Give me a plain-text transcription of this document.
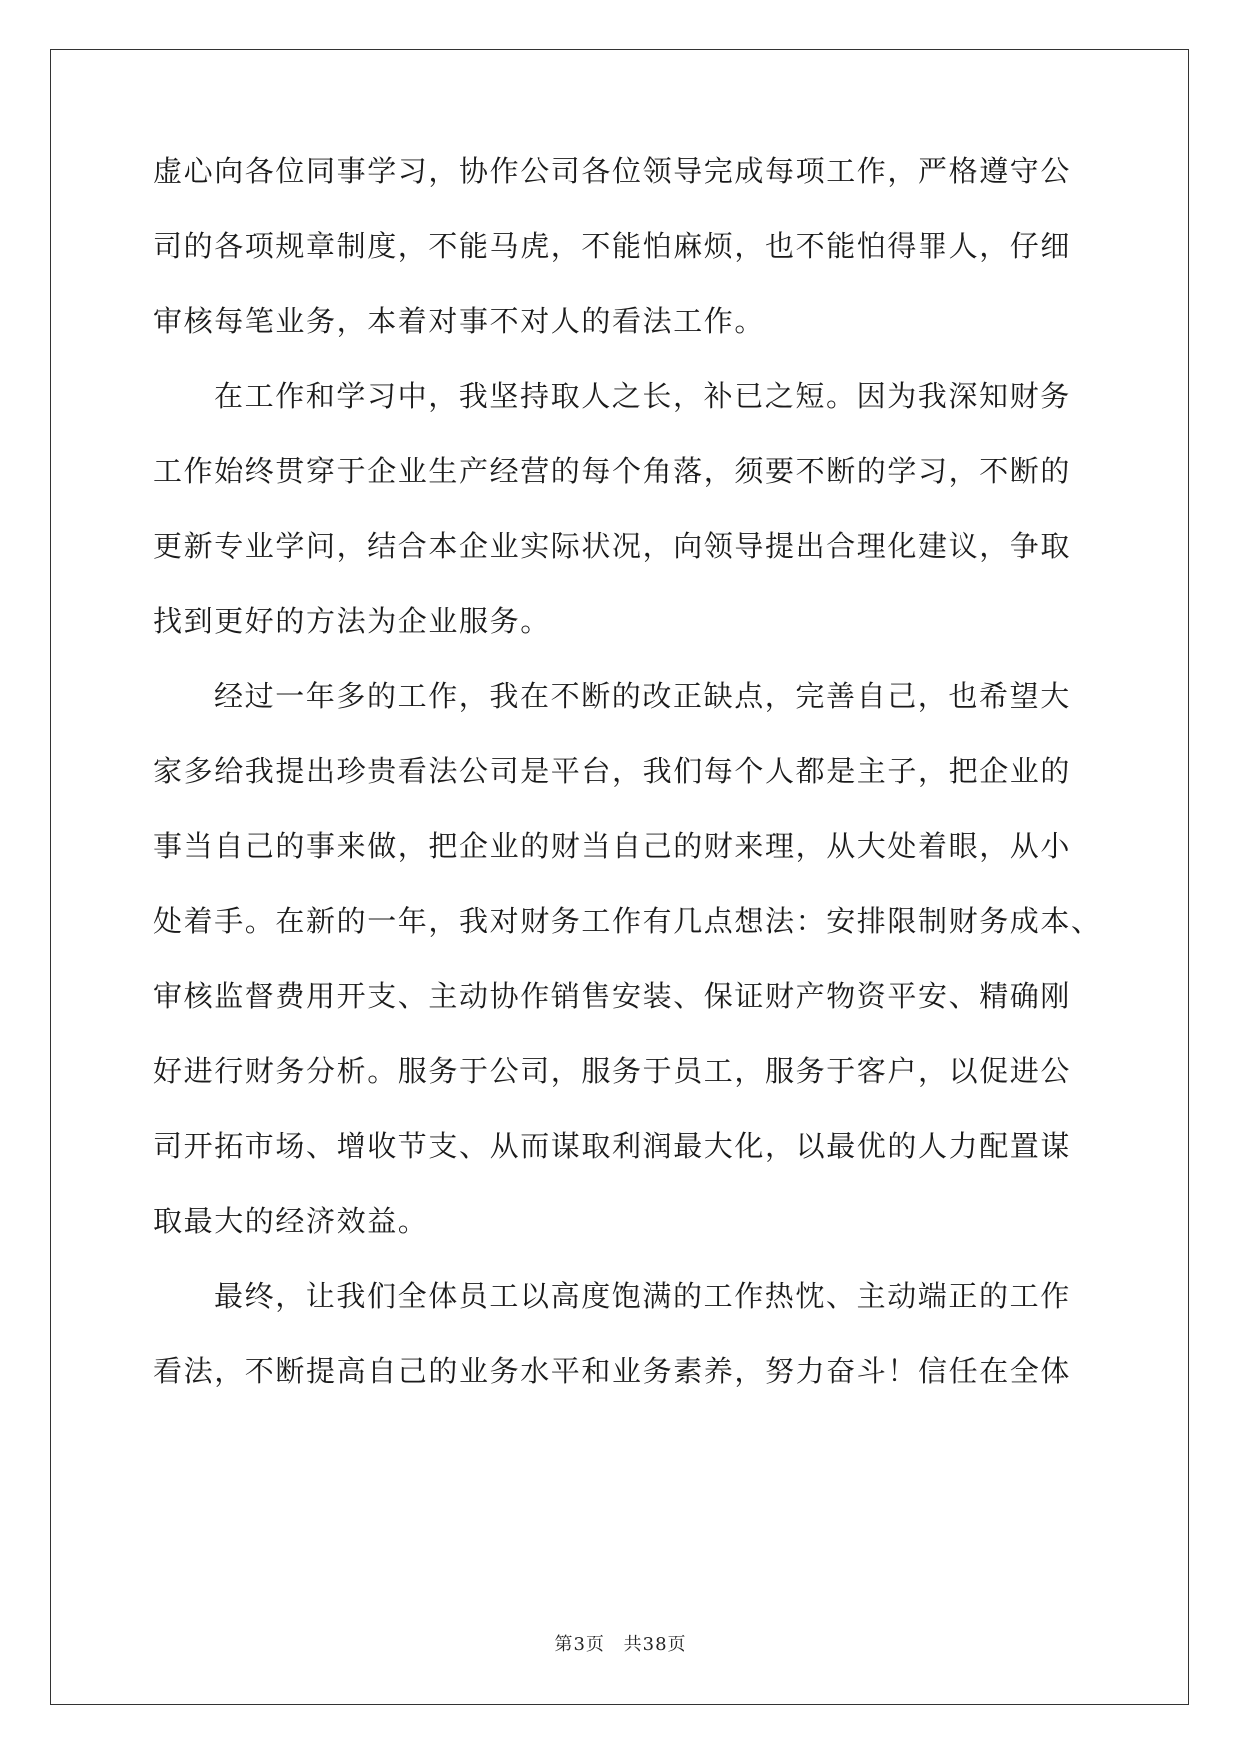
虚心向各位同事学习，协作公司各位领导完成每项工作，严格遵守公
司的各项规章制度，不能马虎，不能怕麻烦，也不能怕得罪人，仔细
审核每笔业务，本着对事不对人的看法工作。
在工作和学习中，我坚持取人之长，补已之短。因为我深知财务
工作始终贯穿于企业生产经营的每个角落，须要不断的学习，不断的
更新专业学问，结合本企业实际状况，向领导提出合理化建议，争取
找到更好的方法为企业服务。
经过一年多的工作，我在不断的改正缺点，完善自己，也希望大
家多给我提出珍贵看法公司是平台，我们每个人都是主子，把企业的
事当自己的事来做，把企业的财当自己的财来理，从大处着眼，从小
处着手。在新的一年，我对财务工作有几点想法：安排限制财务成本、
审核监督费用开支、主动协作销售安装、保证财产物资平安、精确刚
好进行财务分析。服务于公司，服务于员工，服务于客户，以促进公
司开拓市场、增收节支、从而谋取利润最大化，以最优的人力配置谋
取最大的经济效益。
最终，让我们全体员工以高度饱满的工作热忱、主动端正的工作
看法，不断提高自己的业务水平和业务素养，努力奋斗！信任在全体
第3页 共38页
